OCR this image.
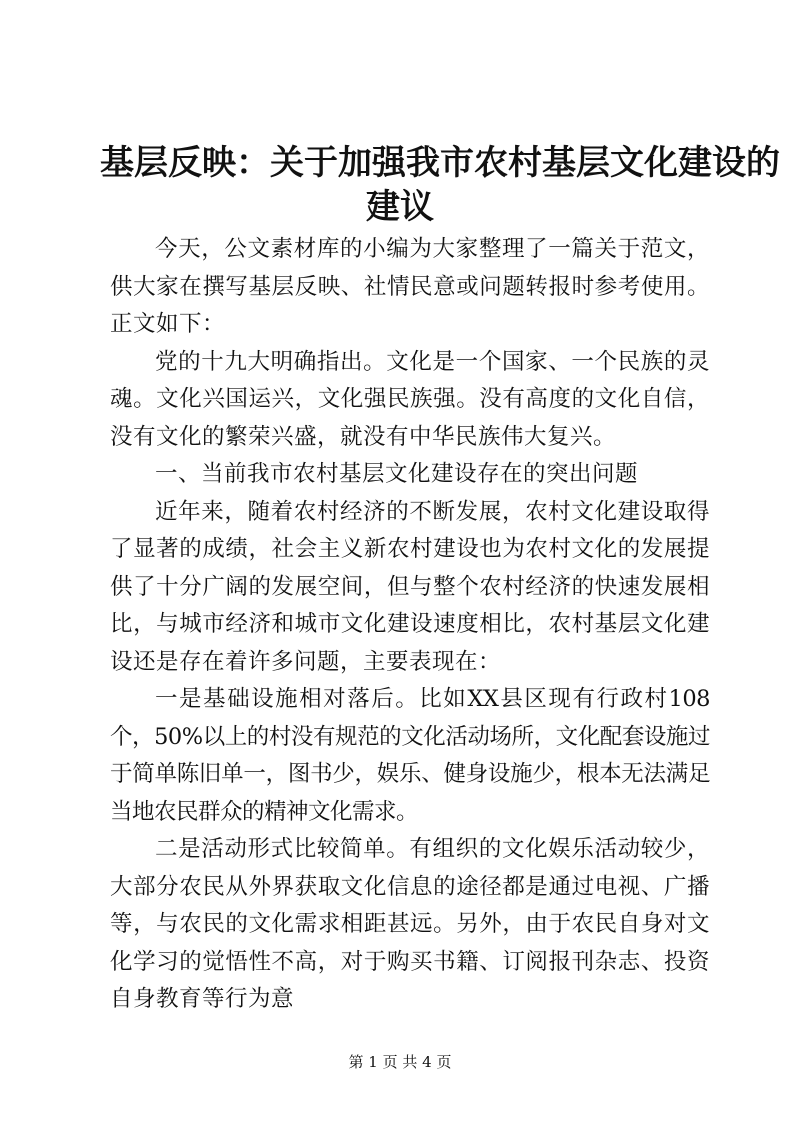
基层反映：关于加强我市农村基层文化建设的
建议

今天，公文素材库的小编为大家整理了一篇关于范文，供大家在撰写基层反映、社情民意或问题转报时参考使用。正文如下：

党的十九大明确指出。文化是一个国家、一个民族的灵魂。文化兴国运兴，文化强民族强。没有高度的文化自信，没有文化的繁荣兴盛，就没有中华民族伟大复兴。

一、当前我市农村基层文化建设存在的突出问题

近年来，随着农村经济的不断发展，农村文化建设取得了显著的成绩，社会主义新农村建设也为农村文化的发展提供了十分广阔的发展空间，但与整个农村经济的快速发展相比，与城市经济和城市文化建设速度相比，农村基层文化建设还是存在着许多问题，主要表现在：

一是基础设施相对落后。比如XX县区现有行政村108个，50%以上的村没有规范的文化活动场所，文化配套设施过于简单陈旧单一，图书少，娱乐、健身设施少，根本无法满足当地农民群众的精神文化需求。

二是活动形式比较简单。有组织的文化娱乐活动较少，大部分农民从外界获取文化信息的途径都是通过电视、广播等，与农民的文化需求相距甚远。另外，由于农民自身对文化学习的觉悟性不高，对于购买书籍、订阅报刊杂志、投资自身教育等行为意

第 1 页 共 4 页
